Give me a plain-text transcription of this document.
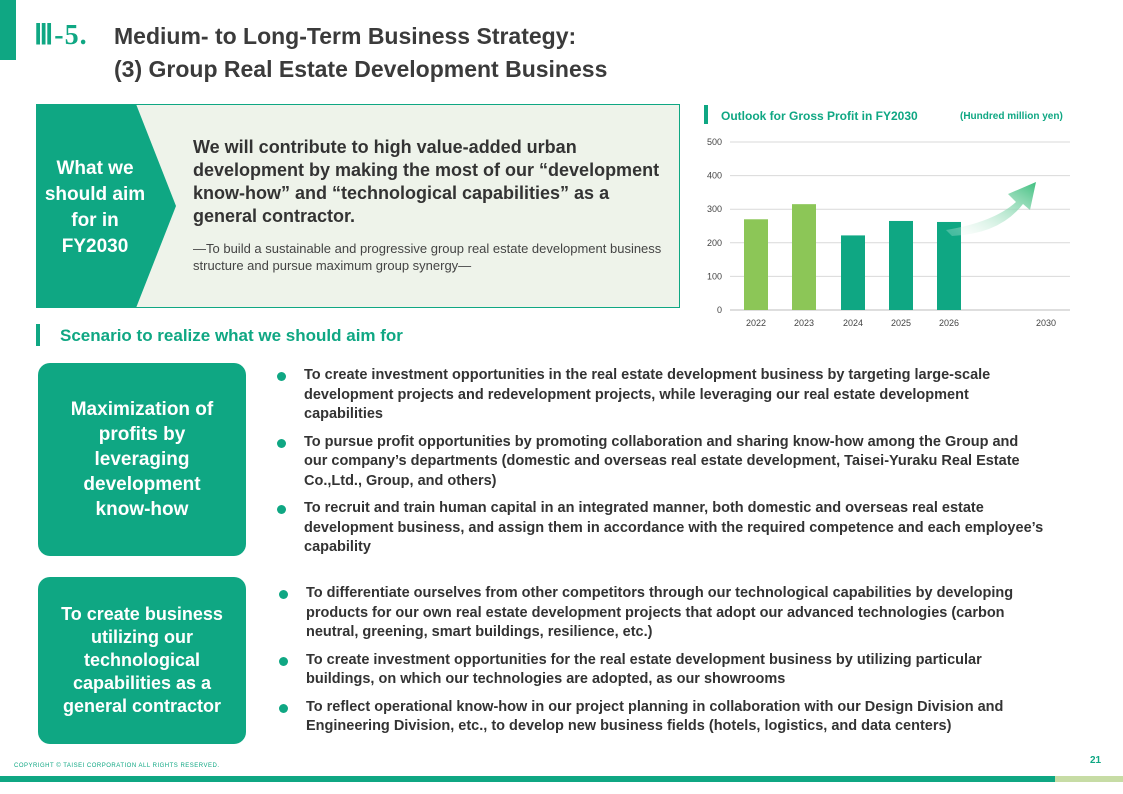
Ⅲ-5. Medium- to Long-Term Business Strategy:
(3) Group Real Estate Development Business
What we should aim for in FY2030
We will contribute to high value-added urban development by making the most of our “development know-how” and “technological capabilities” as a general contractor.
―To build a sustainable and progressive group real estate development business structure and pursue maximum group synergy―
Outlook for Gross Profit in FY2030	(Hundred million yen)
0
100
200
300
400
500
2022	2023	2024	2025	2026	2030
Scenario to realize what we should aim for
Maximization of profits by leveraging development know-how
To create investment opportunities in the real estate development business by targeting large-scale development projects and redevelopment projects, while leveraging our real estate development capabilities
To pursue profit opportunities by promoting collaboration and sharing know-how among the Group and our company’s departments (domestic and overseas real estate development, Taisei-Yuraku Real Estate Co.,Ltd., Group, and others)
To recruit and train human capital in an integrated manner, both domestic and overseas real estate development business, and assign them in accordance with the required competence and each employee’s capability
To create business utilizing our technological capabilities as a general contractor
To differentiate ourselves from other competitors through our technological capabilities by developing products for our own real estate development projects that adopt our advanced technologies (carbon neutral, greening, smart buildings, resilience, etc.)
To create investment opportunities for the real estate development business by utilizing particular buildings, on which our technologies are adopted, as our showrooms
To reflect operational know-how in our project planning in collaboration with our Design Division and Engineering Division, etc., to develop new business fields (hotels, logistics, and data centers)
21
COPYRIGHT © TAISEI CORPORATION ALL RIGHTS RESERVED.
